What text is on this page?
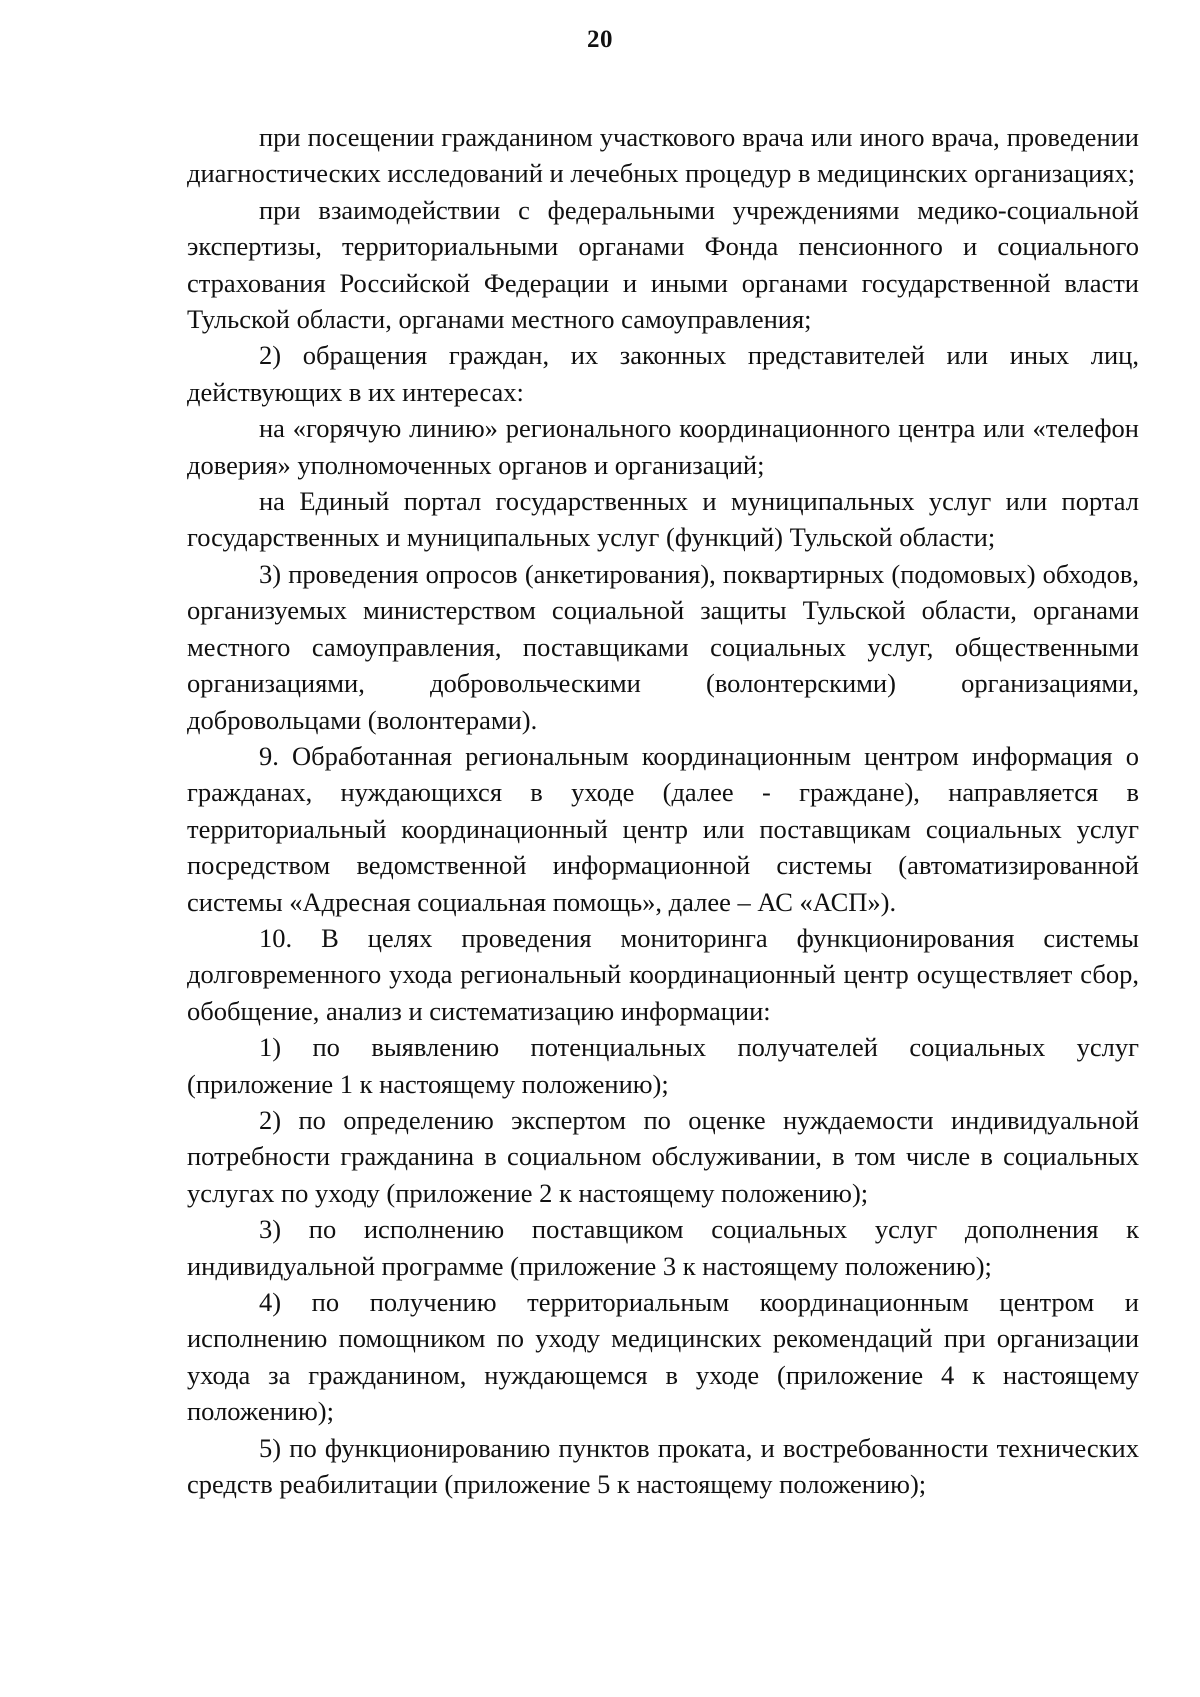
20

при посещении гражданином участкового врача или иного врача, проведении диагностических исследований и лечебных процедур в медицинских организациях;

при взаимодействии с федеральными учреждениями медико-социальной экспертизы, территориальными органами Фонда пенсионного и социального страхования Российской Федерации и иными органами государственной власти Тульской области, органами местного самоуправления;

2) обращения граждан, их законных представителей или иных лиц, действующих в их интересах:

на «горячую линию» регионального координационного центра или «телефон доверия» уполномоченных органов и организаций;

на Единый портал государственных и муниципальных услуг или портал государственных и муниципальных услуг (функций) Тульской области;

3) проведения опросов (анкетирования), поквартирных (подомовых) обходов, организуемых министерством социальной защиты Тульской области, органами местного самоуправления, поставщиками социальных услуг, общественными организациями, добровольческими (волонтерскими) организациями, добровольцами (волонтерами).

9. Обработанная региональным координационным центром информация о гражданах, нуждающихся в уходе (далее - граждане), направляется в территориальный координационный центр или поставщикам социальных услуг посредством ведомственной информационной системы (автоматизированной системы «Адресная социальная помощь», далее – АС «АСП»).

10. В целях проведения мониторинга функционирования системы долговременного ухода региональный координационный центр осуществляет сбор, обобщение, анализ и систематизацию информации:

1) по выявлению потенциальных получателей социальных услуг (приложение 1 к настоящему положению);

2) по определению экспертом по оценке нуждаемости индивидуальной потребности гражданина в социальном обслуживании, в том числе в социальных услугах по уходу (приложение 2 к настоящему положению);

3) по исполнению поставщиком социальных услуг дополнения к индивидуальной программе (приложение 3 к настоящему положению);

4) по получению территориальным координационным центром и исполнению помощником по уходу медицинских рекомендаций при организации ухода за гражданином, нуждающемся в уходе (приложение 4 к настоящему положению);

5) по функционированию пунктов проката, и востребованности технических средств реабилитации (приложение 5 к настоящему положению);
